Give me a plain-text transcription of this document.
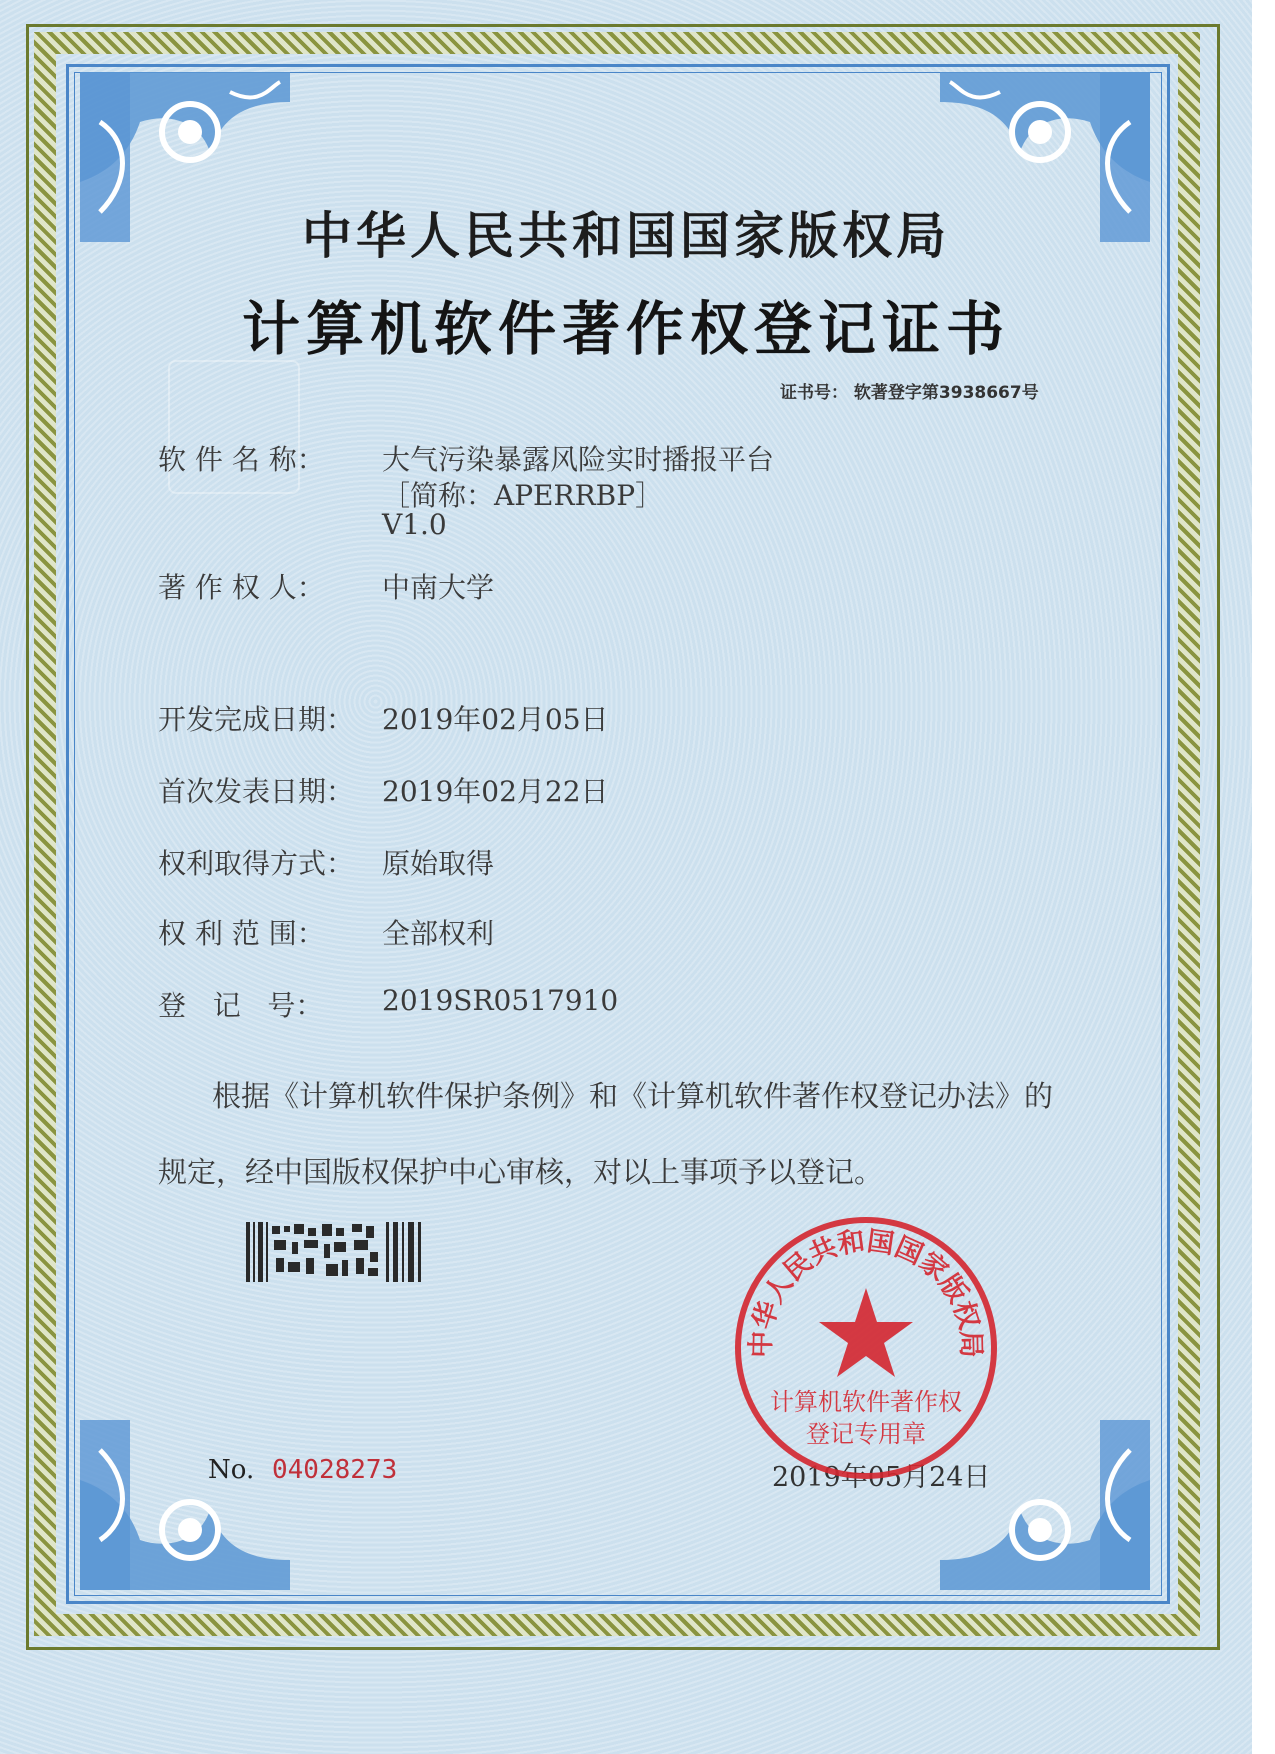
中华人民共和国国家版权局
计算机软件著作权登记证书
证书号： 软著登字第3938667号
软 件 名 称： 大气污染暴露风险实时播报平台
［简称：APERRBP］
V1.0
著 作 权 人： 中南大学
开发完成日期： 2019年02月05日
首次发表日期： 2019年02月22日
权利取得方式： 原始取得
权 利 范 围： 全部权利
登   记   号： 2019SR0517910
根据《计算机软件保护条例》和《计算机软件著作权登记办法》的
规定，经中国版权保护中心审核，对以上事项予以登记。
No. 04028273	2019年05月24日
中华人民共和国国家版权局
计算机软件著作权
登记专用章
